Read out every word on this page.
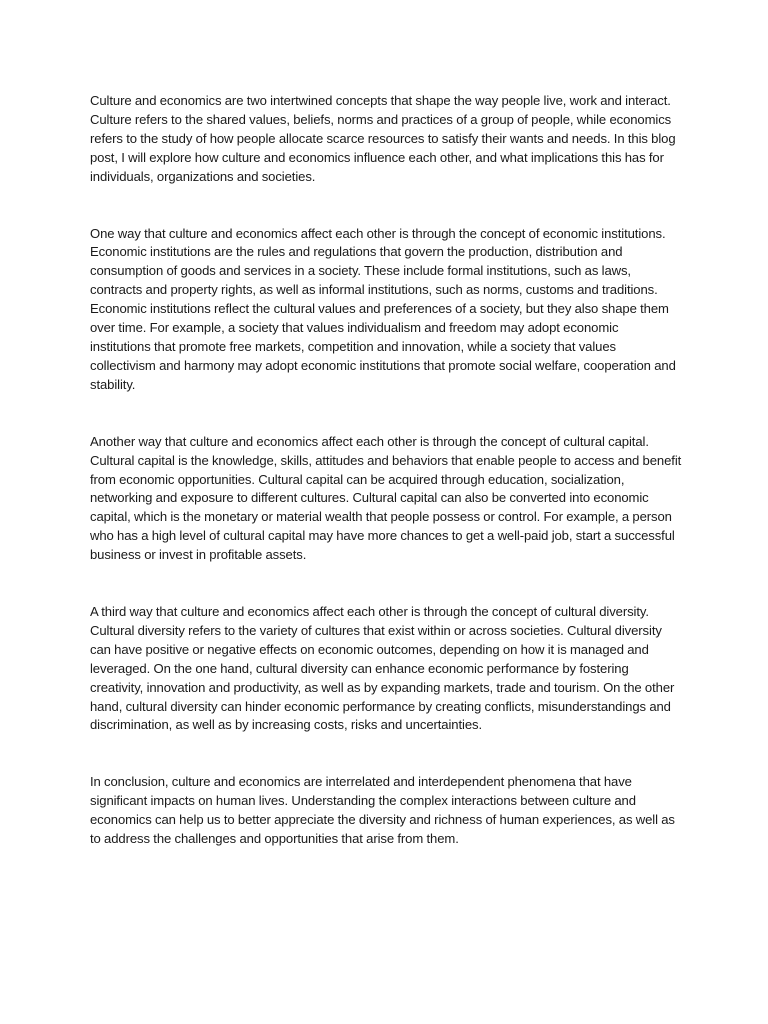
Culture and economics are two intertwined concepts that shape the way people live, work and interact. Culture refers to the shared values, beliefs, norms and practices of a group of people, while economics refers to the study of how people allocate scarce resources to satisfy their wants and needs. In this blog post, I will explore how culture and economics influence each other, and what implications this has for individuals, organizations and societies.

One way that culture and economics affect each other is through the concept of economic institutions. Economic institutions are the rules and regulations that govern the production, distribution and consumption of goods and services in a society. These include formal institutions, such as laws, contracts and property rights, as well as informal institutions, such as norms, customs and traditions. Economic institutions reflect the cultural values and preferences of a society, but they also shape them over time. For example, a society that values individualism and freedom may adopt economic institutions that promote free markets, competition and innovation, while a society that values collectivism and harmony may adopt economic institutions that promote social welfare, cooperation and stability.

Another way that culture and economics affect each other is through the concept of cultural capital. Cultural capital is the knowledge, skills, attitudes and behaviors that enable people to access and benefit from economic opportunities. Cultural capital can be acquired through education, socialization, networking and exposure to different cultures. Cultural capital can also be converted into economic capital, which is the monetary or material wealth that people possess or control. For example, a person who has a high level of cultural capital may have more chances to get a well-paid job, start a successful business or invest in profitable assets.

A third way that culture and economics affect each other is through the concept of cultural diversity. Cultural diversity refers to the variety of cultures that exist within or across societies. Cultural diversity can have positive or negative effects on economic outcomes, depending on how it is managed and leveraged. On the one hand, cultural diversity can enhance economic performance by fostering creativity, innovation and productivity, as well as by expanding markets, trade and tourism. On the other hand, cultural diversity can hinder economic performance by creating conflicts, misunderstandings and discrimination, as well as by increasing costs, risks and uncertainties.

In conclusion, culture and economics are interrelated and interdependent phenomena that have significant impacts on human lives. Understanding the complex interactions between culture and economics can help us to better appreciate the diversity and richness of human experiences, as well as to address the challenges and opportunities that arise from them.
